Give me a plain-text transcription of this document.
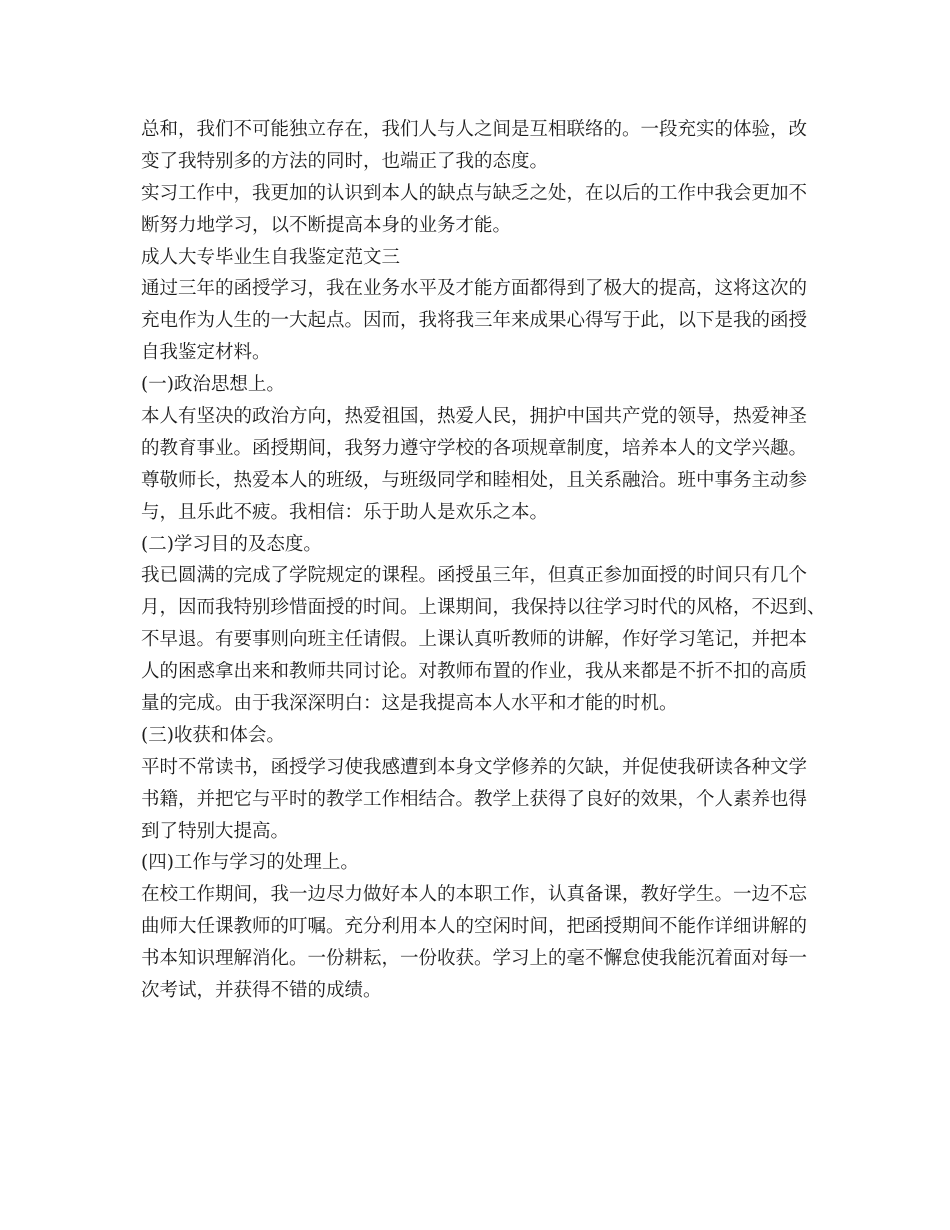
总和，我们不可能独立存在，我们人与人之间是互相联络的。一段充实的体验，改
变了我特别多的方法的同时，也端正了我的态度。
实习工作中，我更加的认识到本人的缺点与缺乏之处，在以后的工作中我会更加不
断努力地学习，以不断提高本身的业务才能。
成人大专毕业生自我鉴定范文三
通过三年的函授学习，我在业务水平及才能方面都得到了极大的提高，这将这次的
充电作为人生的一大起点。因而，我将我三年来成果心得写于此，以下是我的函授
自我鉴定材料。
(一)政治思想上。
本人有坚决的政治方向，热爱祖国，热爱人民，拥护中国共产党的领导，热爱神圣
的教育事业。函授期间，我努力遵守学校的各项规章制度，培养本人的文学兴趣。
尊敬师长，热爱本人的班级，与班级同学和睦相处，且关系融洽。班中事务主动参
与，且乐此不疲。我相信：乐于助人是欢乐之本。
(二)学习目的及态度。
我已圆满的完成了学院规定的课程。函授虽三年，但真正参加面授的时间只有几个
月，因而我特别珍惜面授的时间。上课期间，我保持以往学习时代的风格，不迟到、
不早退。有要事则向班主任请假。上课认真听教师的讲解，作好学习笔记，并把本
人的困惑拿出来和教师共同讨论。对教师布置的作业，我从来都是不折不扣的高质
量的完成。由于我深深明白：这是我提高本人水平和才能的时机。
(三)收获和体会。
平时不常读书，函授学习使我感遭到本身文学修养的欠缺，并促使我研读各种文学
书籍，并把它与平时的教学工作相结合。教学上获得了良好的效果，个人素养也得
到了特别大提高。
(四)工作与学习的处理上。
在校工作期间，我一边尽力做好本人的本职工作，认真备课，教好学生。一边不忘
曲师大任课教师的叮嘱。充分利用本人的空闲时间，把函授期间不能作详细讲解的
书本知识理解消化。一份耕耘，一份收获。学习上的毫不懈怠使我能沉着面对每一
次考试，并获得不错的成绩。
